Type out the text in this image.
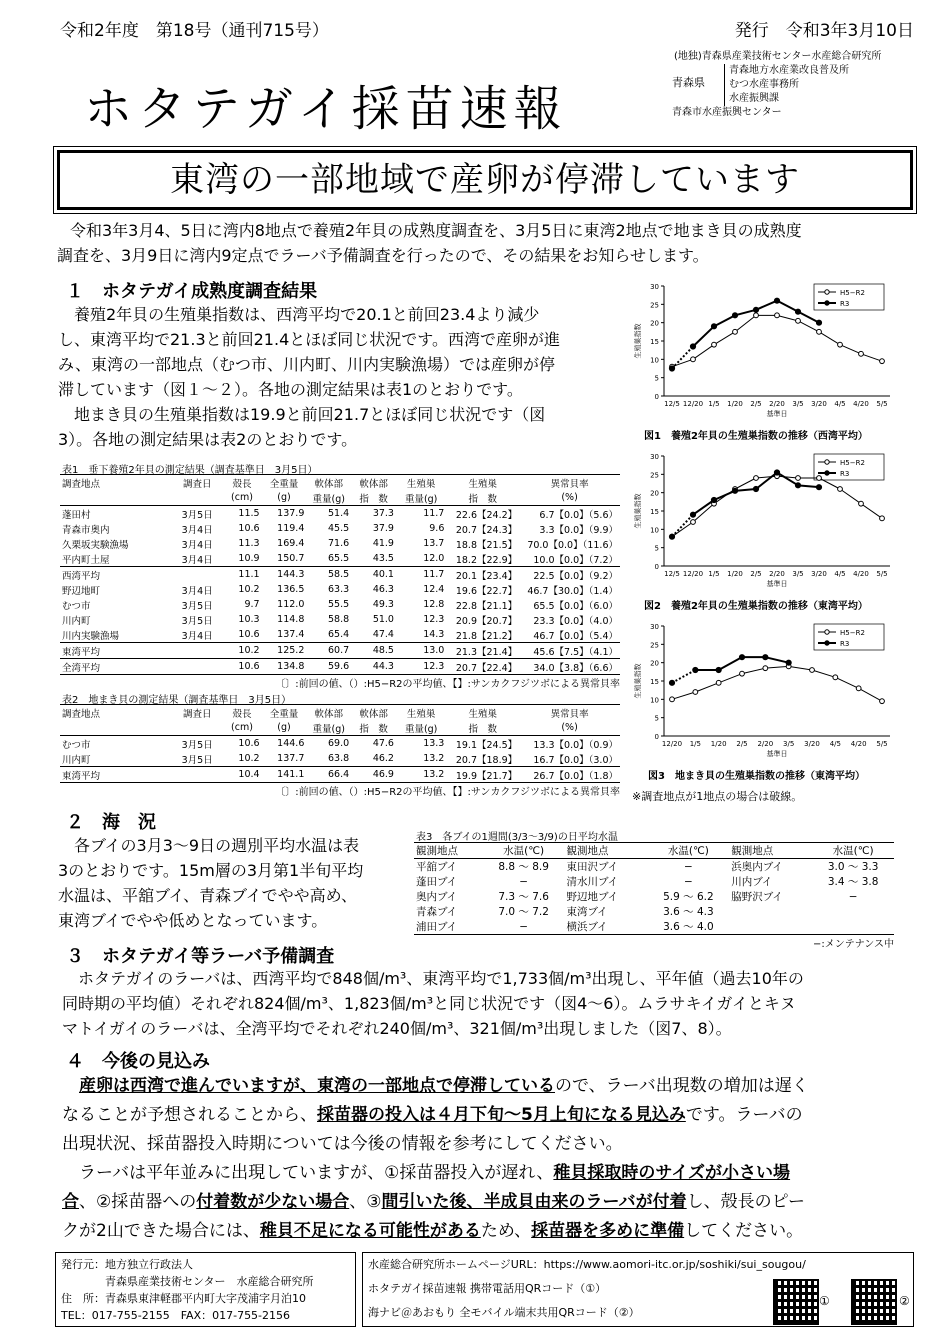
令和2年度　第18号（通刊715号）	発行　令和3年3月10日
(地独)青森県産業技術センター水産総合研究所
青森県
青森地方水産業改良普及所
むつ水産事務所
水産振興課
青森市水産振興センター
ホタテガイ採苗速報
東湾の一部地域で産卵が停滞しています
令和3年3月4、5日に湾内8地点で養殖2年貝の成熟度調査を、3月5日に東湾2地点で地まき貝の成熟度
調査を、3月9日に湾内9定点でラーバ予備調査を行ったので、その結果をお知らせします。
１　ホタテガイ成熟度調査結果
　養殖2年貝の生殖巣指数は、西湾平均で20.1と前回23.4より減少
し、東湾平均で21.3と前回21.4とほぼ同じ状況です。西湾で産卵が進
み、東湾の一部地点（むつ市、川内町、川内実験漁場）では産卵が停
滞しています（図１～２）。各地の測定結果は表1のとおりです。
　地まき貝の生殖巣指数は19.9と前回21.7とほぼ同じ状況です（図
3）。各地の測定結果は表2のとおりです。
表1　垂下養殖2年貝の測定結果（調査基準日　3月5日）
調査地点	調査日	殻長	全重量	軟体部	軟体部	生殖巣	生殖巣	異常貝率
		(cm)	(g)	重量(g)	指　数	重量(g)	指　数	(%)
蓬田村	3月5日	11.5	137.9	51.4	37.3	11.7	22.6【24.2】	6.7【0.0】（5.6）
青森市奥内	3月4日	10.6	119.4	45.5	37.9	9.6	20.7【24.3】	3.3【0.0】（9.9）
久栗坂実験漁場	3月4日	11.3	169.4	71.6	41.9	13.7	18.8【21.5】	70.0【0.0】（11.6）
平内町土屋	3月4日	10.9	150.7	65.5	43.5	12.0	18.2【22.9】	10.0【0.0】（7.2）
西湾平均		11.1	144.3	58.5	40.1	11.7	20.1【23.4】	22.5【0.0】（9.2）
野辺地町	3月4日	10.2	136.5	63.3	46.3	12.4	19.6【22.7】	46.7【30.0】（1.4）
むつ市	3月5日	9.7	112.0	55.5	49.3	12.8	22.8【21.1】	65.5【0.0】（6.0）
川内町	3月5日	10.3	114.8	58.8	51.0	12.3	20.9【20.7】	23.3【0.0】（4.0）
川内実験漁場	3月4日	10.6	137.4	65.4	47.4	14.3	21.8【21.2】	46.7【0.0】（5.4）
東湾平均		10.2	125.2	60.7	48.5	13.0	21.3【21.4】	45.6【7.5】（4.1）
全湾平均		10.6	134.8	59.6	44.3	12.3	20.7【22.4】	34.0【3.8】（6.6）
〔〕:前回の値、（）:H5−R2の平均値、【】:サンカクフジツボによる異常貝率
表2　地まき貝の測定結果（調査基準日　3月5日）
調査地点	調査日	殻長	全重量	軟体部	軟体部	生殖巣	生殖巣	異常貝率
		(cm)	(g)	重量(g)	指　数	重量(g)	指　数	(%)
むつ市	3月5日	10.6	144.6	69.0	47.6	13.3	19.1【24.5】	13.3【0.0】（0.9）
川内町	3月5日	10.2	137.7	63.8	46.2	13.2	20.7【18.9】	16.7【0.0】（3.0）
東湾平均		10.4	141.1	66.4	46.9	13.2	19.9【21.7】	26.7【0.0】（1.8）
〔〕:前回の値、（）:H5−R2の平均値、【】:サンカクフジツボによる異常貝率
0
5
10
15
20
25
30
12/5 12/20 1/5 1/20 2/5 2/20 3/5 3/20 4/5 4/20 5/5
生殖巣指数
基準日
H5−R2
R3
図1　養殖2年貝の生殖巣指数の推移（西湾平均）
0
5
10
15
20
25
30
12/5 12/20 1/5 1/20 2/5 2/20 3/5 3/20 4/5 4/20 5/5
生殖巣指数
基準日
H5−R2
R3
図2　養殖2年貝の生殖巣指数の推移（東湾平均）
0
5
10
15
20
25
30
12/20 1/5 1/20 2/5 2/20 3/5 3/20 4/5 4/20 5/5
生殖巣指数
基準日
H5−R2
R3
図3　地まき貝の生殖巣指数の推移（東湾平均）
※調査地点が1地点の場合は破線。
２　海　況
　各ブイの3月3～9日の週別平均水温は表
3のとおりです。15m層の3月第1半旬平均
水温は、平舘ブイ、青森ブイでやや高め、
東湾ブイでやや低めとなっています。
表3　各ブイの1週間(3/3～3/9)の日平均水温
観測地点	水温(℃)	観測地点	水温(℃)	観測地点	水温(℃)
平舘ブイ	8.8 ～ 8.9	東田沢ブイ	−	浜奥内ブイ	3.0 ～ 3.3
蓬田ブイ	−	清水川ブイ	−	川内ブイ	3.4 ～ 3.8
奥内ブイ	7.3 ～ 7.6	野辺地ブイ	5.9 ～ 6.2	脇野沢ブイ	−
青森ブイ	7.0 ～ 7.2	東湾ブイ	3.6 ～ 4.3		
浦田ブイ	−	横浜ブイ	3.6 ～ 4.0		
−:メンテナンス中
３　ホタテガイ等ラーバ予備調査
　ホタテガイのラーバは、西湾平均で848個/m³、東湾平均で1,733個/m³出現し、平年値（過去10年の
同時期の平均値）それぞれ824個/m³、1,823個/m³と同じ状況です（図4～6）。ムラサキイガイとキヌ
マトイガイのラーバは、全湾平均でそれぞれ240個/m³、321個/m³出現しました（図7、8）。
４　今後の見込み
　産卵は西湾で進んでいますが、東湾の一部地点で停滞しているので、ラーバ出現数の増加は遅く
なることが予想されることから、採苗器の投入は４月下旬～5月上旬になる見込みです。ラーバの
出現状況、採苗器投入時期については今後の情報を参考にしてください。
　ラーバは平年並みに出現していますが、①採苗器投入が遅れ、稚貝採取時のサイズが小さい場
合、②採苗器への付着数が少ない場合、③間引いた後、半成貝由来のラーバが付着し、殻長のピー
クが2山できた場合には、稚貝不足になる可能性があるため、採苗器を多めに準備してください。
発行元：地方独立行政法人
　　　　青森県産業技術センター　水産総合研究所
住　所：青森県東津軽郡平内町大字茂浦字月泊10
TEL：017-755-2155　FAX：017-755-2156
水産総合研究所ホームページURL：https://www.aomori-itc.or.jp/soshiki/sui_sougou/
ホタテガイ採苗速報 携帯電話用QRコード（①）
海ナビ＠あおもり 全モバイル端末共用QRコード（②）
①	②
